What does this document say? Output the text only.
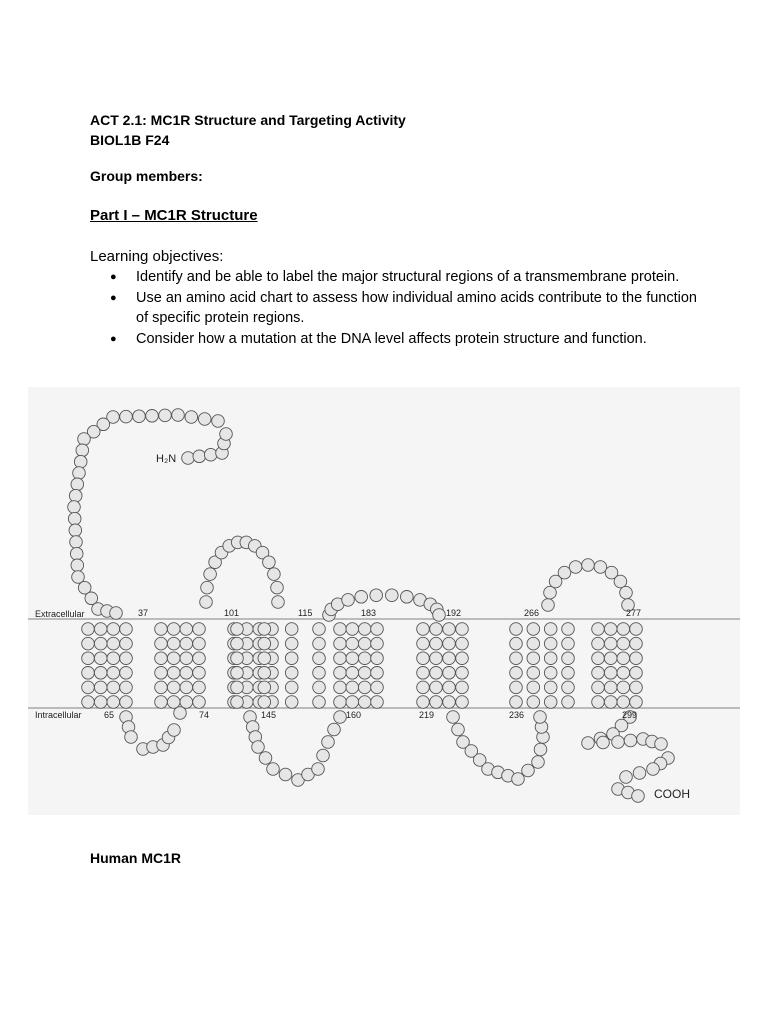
ACT 2.1: MC1R Structure and Targeting Activity

BIOL1B F24

Group members:

Part I – MC1R Structure

Learning objectives:

● Identify and be able to label the major structural regions of a transmembrane protein.
● Use an amino acid chart to assess how individual amino acids contribute to the function of specific protein regions.
● Consider how a mutation at the DNA level affects protein structure and function.
Extracellular
Intracellular
H₂N
COOH
37	101	115	183	192	266	277
65	74	145	160	219	236	299

Human MC1R
